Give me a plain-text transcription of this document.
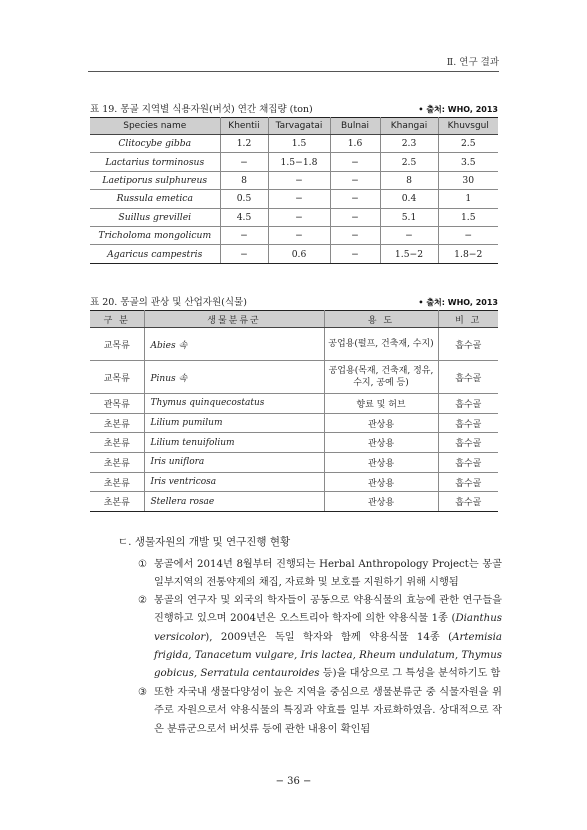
Ⅱ. 연구 결과
표 19. 몽골 지역별 식용자원(버섯) 연간 채집량 (ton)	• 출처: WHO, 2013
Species name	Khentii	Tarvagatai	Bulnai	Khangai	Khuvsgul
Clitocybe gibba	1.2	1.5	1.6	2.3	2.5
Lactarius torminosus	−	1.5−1.8	−	2.5	3.5
Laetiporus sulphureus	8	−	−	8	30
Russula emetica	0.5	−	−	0.4	1
Suillus grevillei	4.5	−	−	5.1	1.5
Tricholoma mongolicum	−	−	−	−	−
Agaricus campestris	−	0.6	−	1.5−2	1.8−2
표 20. 몽골의 관상 및 산업자원(식물)	• 출처: WHO, 2013
구 분	생물분류군	용 도	비 고
교목류	Abies 속	공업용(펄프, 건축재, 수지)	흡수골
교목류	Pinus 속	공업용(목재, 건축재, 정유, 수지, 공예 등)	흡수골
관목류	Thymus quinquecostatus	향료 및 허브	흡수골
초본류	Lilium pumilum	관상용	흡수골
초본류	Lilium tenuifolium	관상용	흡수골
초본류	Iris uniflora	관상용	흡수골
초본류	Iris ventricosa	관상용	흡수골
초본류	Stellera rosae	관상용	흡수골
ㄷ. 생물자원의 개발 및 연구진행 현황
① 몽골에서 2014년 8월부터 진행되는 Herbal Anthropology Project는 몽골 일부지역의 전통약제의 채집, 자료화 및 보호를 지원하기 위해 시행됨
② 몽골의 연구자 및 외국의 학자들이 공동으로 약용식물의 효능에 관한 연구들을 진행하고 있으며 2004년은 오스트리아 학자에 의한 약용식물 1종 (Dianthus versicolor), 2009년은 독일 학자와 함께 약용식물 14종 (Artemisia frigida, Tanacetum vulgare, Iris lactea, Rheum undulatum, Thymus gobicus, Serratula centauroides 등)을 대상으로 그 특성을 분석하기도 함
③ 또한 자국내 생물다양성이 높은 지역을 중심으로 생물분류군 중 식물자원을 위주로 자원으로서 약용식물의 특징과 약효를 일부 자료화하였음. 상대적으로 작은 분류군으로서 버섯류 등에 관한 내용이 확인됨
− 36 −
